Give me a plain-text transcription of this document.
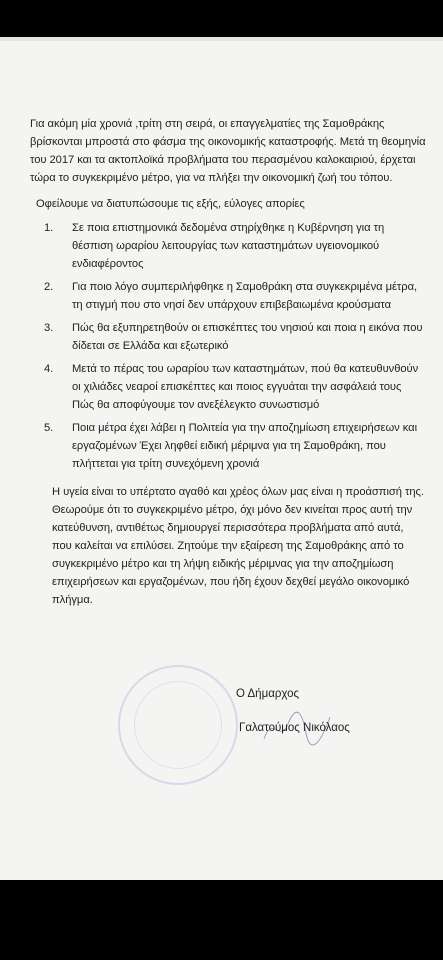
Για ακόμη μία χρονιά ,τρίτη στη σειρά, οι επαγγελματίες της Σαμοθράκης βρίσκονται μπροστά στο φάσμα της οικονομικής καταστροφής. Μετά τη θεομηνία του 2017 και τα ακτοπλοϊκά προβλήματα του περασμένου καλοκαιριού, έρχεται τώρα το συγκεκριμένο μέτρο, για να πλήξει την οικονομική ζωή του τόπου.

Οφείλουμε να διατυπώσουμε τις εξής, εύλογες απορίες

1.	Σε ποια επιστημονικά δεδομένα στηρίχθηκε η Κυβέρνηση για τη θέσπιση ωραρίου λειτουργίας των καταστημάτων υγειονομικού ενδιαφέροντος
2.	Για ποιο λόγο συμπεριλήφθηκε η Σαμοθράκη στα συγκεκριμένα μέτρα, τη στιγμή που στο νησί δεν υπάρχουν επιβεβαιωμένα κρούσματα
3.	Πώς θα εξυπηρετηθούν οι επισκέπτες του νησιού και ποια η εικόνα που δίδεται σε Ελλάδα και εξωτερικό
4.	Μετά το πέρας του ωραρίου των καταστημάτων, πού θα κατευθυνθούν οι χιλιάδες νεαροί επισκέπτες και ποιος εγγυάται την ασφάλειά τους Πώς θα αποφύγουμε τον ανεξέλεγκτο συνωστισμό
5.	Ποια μέτρα έχει λάβει η Πολιτεία για την αποζημίωση επιχειρήσεων και εργαζομένων Έχει ληφθεί ειδική μέριμνα για τη Σαμοθράκη, που πλήττεται για τρίτη συνεχόμενη χρονιά

Η υγεία είναι το υπέρτατο αγαθό και χρέος όλων μας είναι η προάσπισή της. Θεωρούμε ότι το συγκεκριμένο μέτρο, όχι μόνο δεν κινείται προς αυτή την κατεύθυνση, αντιθέτως δημιουργεί περισσότερα προβλήματα από αυτά, που καλείται να επιλύσει. Ζητούμε την εξαίρεση της Σαμοθράκης από το συγκεκριμένο μέτρο και τη λήψη ειδικής μέριμνας για την αποζημίωση επιχειρήσεων και εργαζομένων, που ήδη έχουν δεχθεί μεγάλο οικονομικό πλήγμα.

Ο Δήμαρχος
Γαλατούμος Νικόλαος
